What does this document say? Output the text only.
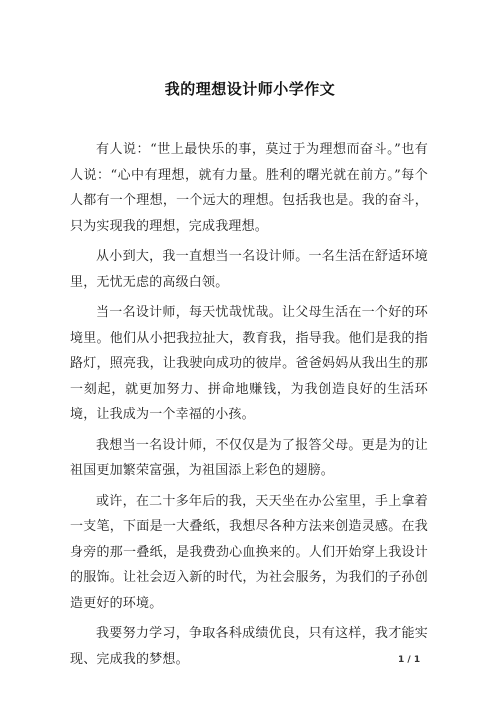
我的理想设计师小学作文

有人说：“世上最快乐的事，莫过于为理想而奋斗。”也有人说：“心中有理想，就有力量。胜利的曙光就在前方。”每个人都有一个理想，一个远大的理想。包括我也是。我的奋斗，只为实现我的理想，完成我理想。

从小到大，我一直想当一名设计师。一名生活在舒适环境里，无忧无虑的高级白领。

当一名设计师，每天忧哉忧哉。让父母生活在一个好的环境里。他们从小把我拉扯大，教育我，指导我。他们是我的指路灯，照亮我，让我驶向成功的彼岸。爸爸妈妈从我出生的那一刻起，就更加努力、拼命地赚钱，为我创造良好的生活环境，让我成为一个幸福的小孩。

我想当一名设计师，不仅仅是为了报答父母。更是为的让祖国更加繁荣富强，为祖国添上彩色的翅膀。

或许，在二十多年后的我，天天坐在办公室里，手上拿着一支笔，下面是一大叠纸，我想尽各种方法来创造灵感。在我身旁的那一叠纸，是我费劲心血换来的。人们开始穿上我设计的服饰。让社会迈入新的时代，为社会服务，为我们的子孙创造更好的环境。

我要努力学习，争取各科成绩优良，只有这样，我才能实现、完成我的梦想。	1 / 1
